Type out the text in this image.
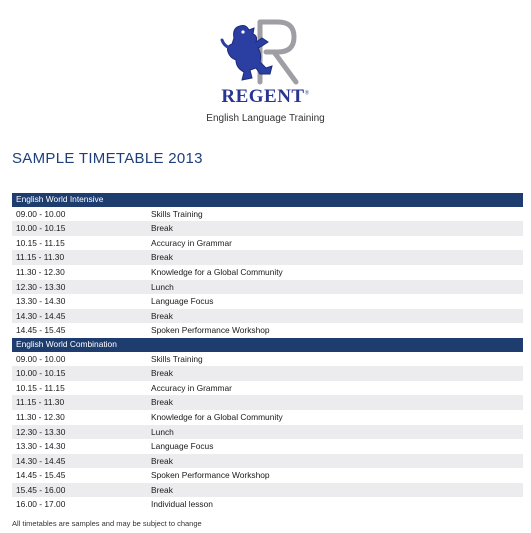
REGENT®
English Language Training
SAMPLE TIMETABLE 2013
English World Intensive	
09.00 - 10.00	Skills Training
10.00 - 10.15	Break
10.15 - 11.15	Accuracy in Grammar
11.15 - 11.30	Break
11.30 - 12.30	Knowledge for a Global Community
12.30 - 13.30	Lunch
13.30 - 14.30	Language Focus
14.30 - 14.45	Break
14.45 - 15.45	Spoken Performance Workshop
English World Combination	
09.00 - 10.00	Skills Training
10.00 - 10.15	Break
10.15 - 11.15	Accuracy in Grammar
11.15 - 11.30	Break
11.30 - 12.30	Knowledge for a Global Community
12.30 - 13.30	Lunch
13.30 - 14.30	Language Focus
14.30 - 14.45	Break
14.45 - 15.45	Spoken Performance Workshop
15.45 - 16.00	Break
16.00 - 17.00	Individual lesson
All timetables are samples and may be subject to change
